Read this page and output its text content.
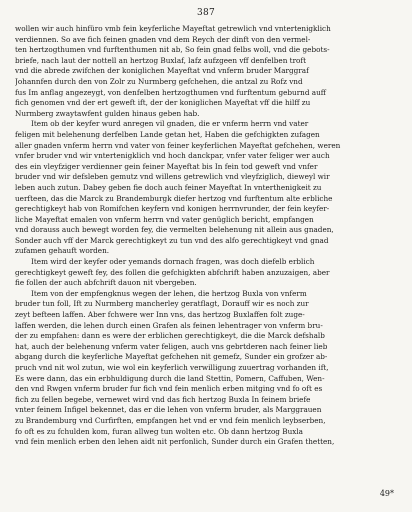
387
wollen wir auch hinfüro vmb fein keyferliche Mayeftat getrewlich vnd vntertenigklich
verdiennen. So ave fich feinen gnaden vnd dem Reych der dinft von den vermel-
ten hertzogthumen vnd furftenthumen nit ab, So fein gnad felbs woll, vnd die gebots-
briefe, nach laut der nottell an hertzog Buxlaf, lafz aufzgeen vff denfelben troft
vnd die abrede zwifchen der koniglichen Mayeftat vnd vnferm bruder Marggraf
Johannfen durch den von Zolr zu Nurmberg gefchehen, die antzal zu Rofz vnd
fus Im anflag angezeygt, von denfelben hertzogthumen vnd furftentum geburnd auff
fich genomen vnd der ert geweft ift, der der koniglichen Mayeftat vff die hilff zu
Nurmberg zwaytawfent gulden hinaus geben hab.
Item ob der keyfer wurd anregen vil gnaden, die er vnferm herrn vnd vater
feligen mit belehenung derfelben Lande getan het, Haben die gefchigkten zufagen
aller gnaden vnferm herrn vnd vater von feiner keyferlichen Mayeftat gefchehen, weren
vnfer bruder vnd wir vntertenigklich vnd hoch danckpar, vnfer vater feliger wer auch
des ein vleyfziger verdienner gein feiner Mayeftat bis In fein tod geweft vnd vnfer
bruder vnd wir defsleben gemutz vnd willens getrewlich vnd vleyfziglich, dieweyl wir
leben auch zutun. Dabey geben fie doch auch feiner Mayeftat In vnterthenigkeit zu
uerfteen, das die Marck zu Brandemburgk diefer hertzog vnd furftentum alte erbliche
gerechtigkeyt hab von Romifchen keyfern vnd konigen herrnvrunder, der fein keyfer-
liche Mayeftat emalen von vnferm herrn vnd vater genüglich bericht, empfangen
vnd dorauss auch bewegt worden fey, die vermelten belehenung nit allein aus gnaden,
Sonder auch vff der Marck gerechtigkeyt zu tun vnd des alfo gerechtigkeyt vnd gnad
zufamen gehauft worden.
Item wird der keyfer oder yemands dornach fragen, was doch diefelb erblich
gerechtigkeyt geweft fey, des follen die gefchigkten abfchrift haben anzuzaigen, aber
fie follen der auch abfchrift dauon nit vbergeben.
Item von der empfengknus wegen der lehen, die hertzog Buxla von vnferm
bruder tun foll, Ift zu Nurmberg mancherley geratflagt, Dorauff wir es noch zur
zeyt befteen laffen. Aber fchwere wer Inn vns, das hertzog Buxlaffen folt zuge-
laffen werden, die lehen durch einen Grafen als feinen lehentrager von vnferm bru-
der zu empfahen: dann es were der erblichen gerechtigkeyt, die die Marck defshalb
hat, auch der belehenung vnferm vater feligen, auch vns gebrtderen nach feiner lieb
abgang durch die keyferliche Mayeftat gefchehen nit gemefz, Sunder ein grofzer ab-
pruch vnd nit wol zutun, wie wol ein keyferlich verwilligung zuuertrag vorhanden ift,
Es were dann, das ein erbhuldigung durch die land Stettin, Pomern, Caffuben, Wen-
den vnd Rwgen vnferm bruder fur fich vnd fein menlich erben mitging vnd fo oft es
fich zu fellen begebe, vernewet wird vnd das fich hertzog Buxla In feinem briefe
vnter feinem Infigel bekennet, das er die lehen von vnferm bruder, als Marggrauen
zu Brandemburg vnd Curfirften, empfangen het vnd er vnd fein menlich leybserben,
fo oft es zu fchulden kom, furan allweg tun wolten etc. Ob dann hertzog Buxla
vnd fein menlich erben den lehen aidt nit perfonlich, Sunder durch ein Grafen thetten,
49*
